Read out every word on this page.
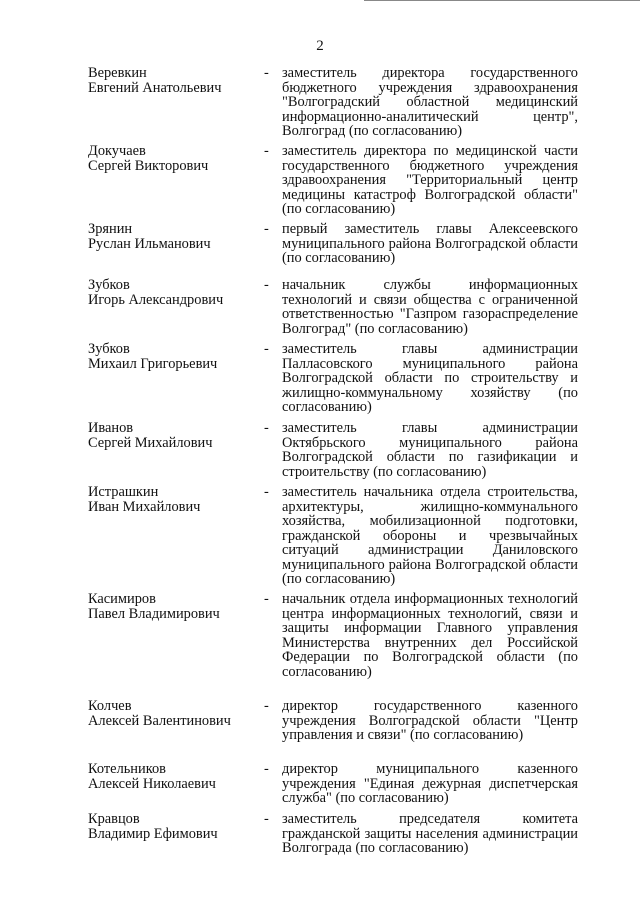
2
Веревкин
Евгений Анатольевич
- заместитель директора государственного бюджетного учреждения здравоохранения "Волгоградский областной медицинский информационно-аналитический центр", Волгоград (по согласованию)
Докучаев
Сергей Викторович
- заместитель директора по медицинской части государственного бюджетного учреждения здравоохранения "Территориальный центр медицины катастроф Волгоградской области" (по согласованию)
Зрянин
Руслан Ильманович
- первый заместитель главы Алексеевского муниципального района Волгоградской области (по согласованию)
Зубков
Игорь Александрович
- начальник службы информационных технологий и связи общества с ограниченной ответственностью "Газпром газораспределение Волгоград" (по согласованию)
Зубков
Михаил Григорьевич
- заместитель главы администрации Палласовского муниципального района Волгоградской области по строительству и жилищно-коммунальному хозяйству (по согласованию)
Иванов
Сергей Михайлович
- заместитель главы администрации Октябрьского муниципального района Волгоградской области по газификации и строительству (по согласованию)
Истрашкин
Иван Михайлович
- заместитель начальника отдела строительства, архитектуры, жилищно-коммунального хозяйства, мобилизационной подготовки, гражданской обороны и чрезвычайных ситуаций администрации Даниловского муниципального района Волгоградской области (по согласованию)
Касимиров
Павел Владимирович
- начальник отдела информационных технологий центра информационных технологий, связи и защиты информации Главного управления Министерства внутренних дел Российской Федерации по Волгоградской области (по согласованию)
Колчев
Алексей Валентинович
- директор государственного казенного учреждения Волгоградской области "Центр управления и связи" (по согласованию)
Котельников
Алексей Николаевич
- директор муниципального казенного учреждения "Единая дежурная диспетчерская служба" (по согласованию)
Кравцов
Владимир Ефимович
- заместитель председателя комитета гражданской защиты населения администрации Волгограда (по согласованию)
